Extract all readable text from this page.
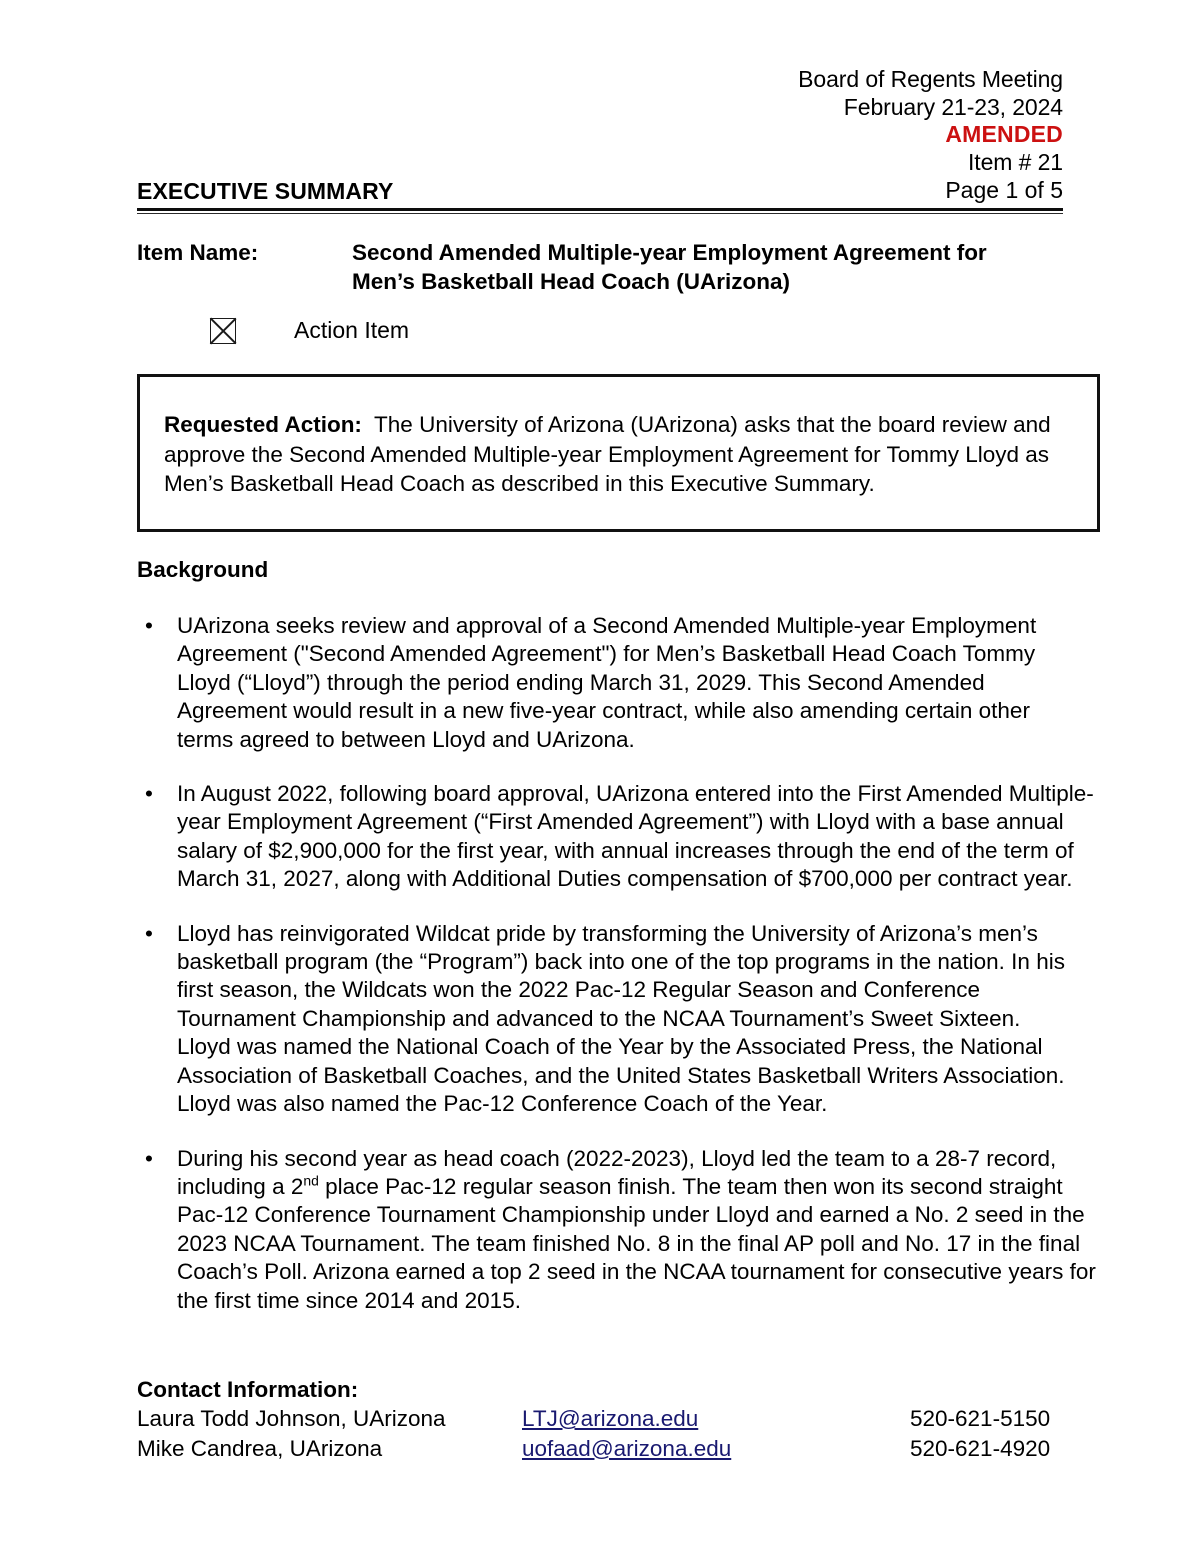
Board of Regents Meeting
February 21-23, 2024
AMENDED
Item # 21
EXECUTIVE SUMMARY	Page 1 of 5
Item Name:	Second Amended Multiple-year Employment Agreement for Men’s Basketball Head Coach (UArizona)
Action Item
Requested Action: The University of Arizona (UArizona) asks that the board review and approve the Second Amended Multiple-year Employment Agreement for Tommy Lloyd as Men’s Basketball Head Coach as described in this Executive Summary.
Background
• UArizona seeks review and approval of a Second Amended Multiple-year Employment Agreement ("Second Amended Agreement") for Men’s Basketball Head Coach Tommy Lloyd (“Lloyd”) through the period ending March 31, 2029. This Second Amended Agreement would result in a new five-year contract, while also amending certain other terms agreed to between Lloyd and UArizona.
• In August 2022, following board approval, UArizona entered into the First Amended Multiple-year Employment Agreement (“First Amended Agreement”) with Lloyd with a base annual salary of $2,900,000 for the first year, with annual increases through the end of the term of March 31, 2027, along with Additional Duties compensation of $700,000 per contract year.
• Lloyd has reinvigorated Wildcat pride by transforming the University of Arizona’s men’s basketball program (the “Program”) back into one of the top programs in the nation. In his first season, the Wildcats won the 2022 Pac-12 Regular Season and Conference Tournament Championship and advanced to the NCAA Tournament’s Sweet Sixteen. Lloyd was named the National Coach of the Year by the Associated Press, the National Association of Basketball Coaches, and the United States Basketball Writers Association. Lloyd was also named the Pac-12 Conference Coach of the Year.
• During his second year as head coach (2022-2023), Lloyd led the team to a 28-7 record, including a 2nd place Pac-12 regular season finish. The team then won its second straight Pac-12 Conference Tournament Championship under Lloyd and earned a No. 2 seed in the 2023 NCAA Tournament. The team finished No. 8 in the final AP poll and No. 17 in the final Coach’s Poll. Arizona earned a top 2 seed in the NCAA tournament for consecutive years for the first time since 2014 and 2015.
Contact Information:
Laura Todd Johnson, UArizona	LTJ@arizona.edu	520-621-5150
Mike Candrea, UArizona	uofaad@arizona.edu	520-621-4920
